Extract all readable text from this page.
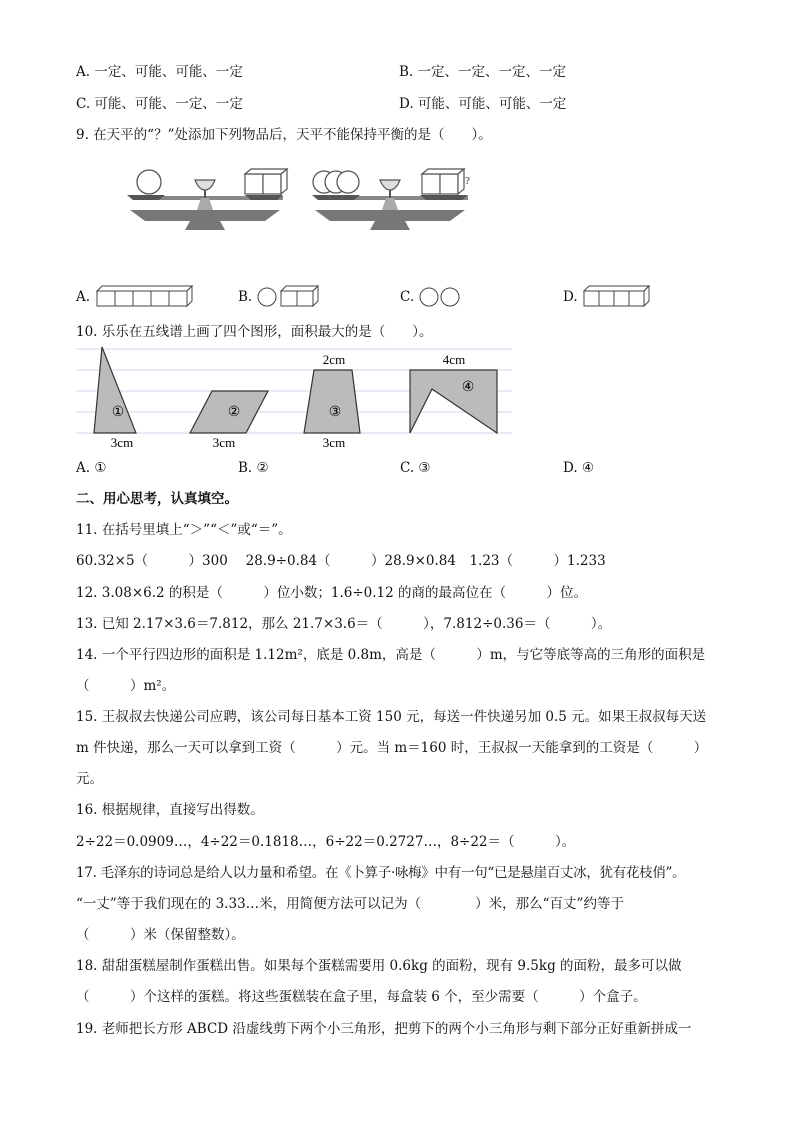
A. 一定、可能、可能、一定	B. 一定、一定、一定、一定
C. 可能、可能、一定、一定	D. 可能、可能、可能、一定
9. 在天平的“？”处添加下列物品后，天平不能保持平衡的是（　　）。
?
A.	B.	C.	D.
10. 乐乐在五线谱上画了四个图形，面积最大的是（　　）。
①
3cm
②
3cm
③
2cm
3cm
④
4cm
A. ①	B. ②	C. ③	D. ④
二、用心思考，认真填空。
11. 在括号里填上“＞”“＜”或“＝”。
60.32×5（　　　）300　 28.9÷0.84（　　　）28.9×0.84　1.23（　　　）1.233
12. 3.08×6.2 的积是（　　　）位小数；1.6÷0.12 的商的最高位在（　　　）位。
13. 已知 2.17×3.6＝7.812，那么 21.7×3.6＝（　　　），7.812÷0.36＝（　　　）。
14. 一个平行四边形的面积是 1.12m²，底是 0.8m，高是（　　　）m，与它等底等高的三角形的面积是
（　　　）m²。
15. 王叔叔去快递公司应聘，该公司每日基本工资 150 元，每送一件快递另加 0.5 元。如果王叔叔每天送
m 件快递，那么一天可以拿到工资（　　　）元。当 m＝160 时，王叔叔一天能拿到的工资是（　　　）
元。
16. 根据规律，直接写出得数。
2÷22＝0.0909…，4÷22＝0.1818…，6÷22＝0.2727…，8÷22＝（　　　）。
17. 毛泽东的诗词总是给人以力量和希望。在《卜算子·咏梅》中有一句“已是悬崖百丈冰，犹有花枝俏”。
“一丈”等于我们现在的 3.33…米，用简便方法可以记为（　　　　）米，那么“百丈”约等于
（　　　）米（保留整数）。
18. 甜甜蛋糕屋制作蛋糕出售。如果每个蛋糕需要用 0.6kg 的面粉，现有 9.5kg 的面粉，最多可以做
（　　　）个这样的蛋糕。将这些蛋糕装在盒子里，每盒装 6 个，至少需要（　　　）个盒子。
19. 老师把长方形 ABCD 沿虚线剪下两个小三角形，把剪下的两个小三角形与剩下部分正好重新拼成一
